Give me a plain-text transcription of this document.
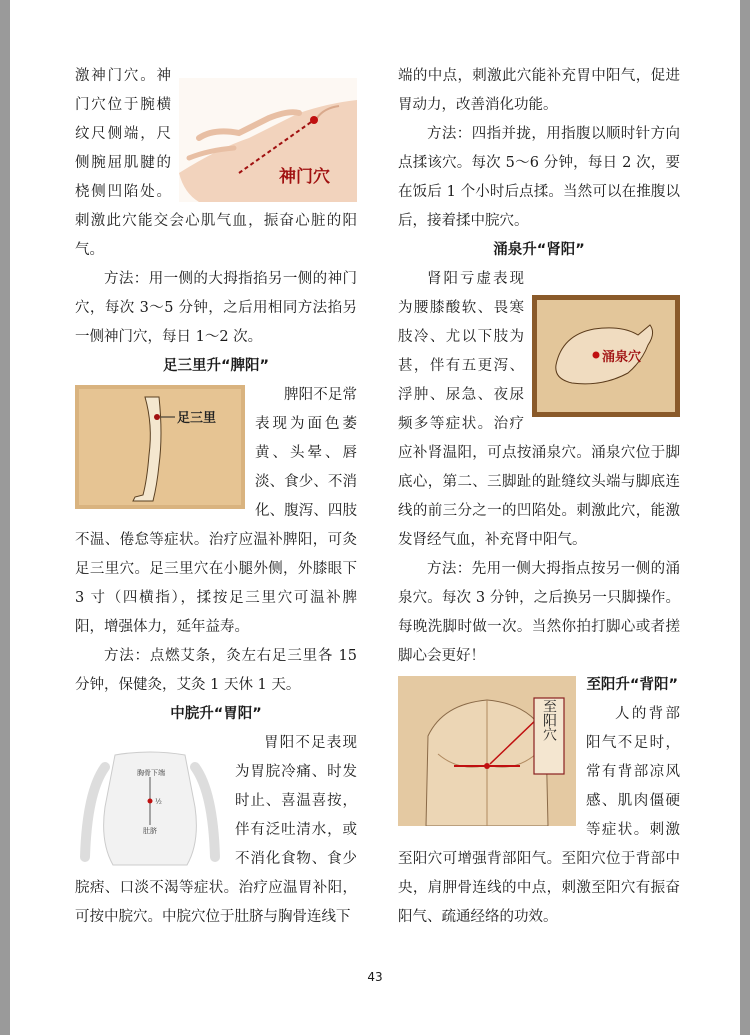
神门穴

激神门穴。神门穴位于腕横纹尺侧端，尺侧腕屈肌腱的桡侧凹陷处。刺激此穴能交会心肌气血，振奋心脏的阳气。

方法：用一侧的大拇指掐另一侧的神门穴，每次 3～5 分钟，之后用相同方法掐另一侧神门穴，每日 1～2 次。

足三里升“脾阳”

足三里

脾阳不足常表现为面色萎黄、头晕、唇淡、食少、不消化、腹泻、四肢不温、倦怠等症状。治疗应温补脾阳，可灸足三里穴。足三里穴在小腿外侧，外膝眼下 3 寸（四横指），揉按足三里穴可温补脾阳，增强体力，延年益寿。

方法：点燃艾条，灸左右足三里各 15 分钟，保健灸，艾灸 1 天休 1 天。

中脘升“胃阳”

胸骨下端
½
肚脐

胃阳不足表现为胃脘冷痛、时发时止、喜温喜按，伴有泛吐清水，或不消化食物、食少脘痞、口淡不渴等症状。治疗应温胃补阳，可按中脘穴。中脘穴位于肚脐与胸骨连线下

端的中点，刺激此穴能补充胃中阳气，促进胃动力，改善消化功能。

方法：四指并拢，用指腹以顺时针方向点揉该穴。每次 5～6 分钟，每日 2 次，要在饭后 1 个小时后点揉。当然可以在推腹以后，接着揉中脘穴。

涌泉升“肾阳”

涌泉穴

肾阳亏虚表现为腰膝酸软、畏寒肢冷、尤以下肢为甚，伴有五更泻、浮肿、尿急、夜尿频多等症状。治疗应补肾温阳，可点按涌泉穴。涌泉穴位于脚底心，第二、三脚趾的趾缝纹头端与脚底连线的前三分之一的凹陷处。刺激此穴，能激发肾经气血，补充肾中阳气。

方法：先用一侧大拇指点按另一侧的涌泉穴。每次 3 分钟，之后换另一只脚操作。每晚洗脚时做一次。当然你拍打脚心或者搓脚心会更好！

至阳升“背阳”

至阳穴	人的背部阳气不足时，常有背部凉风感、肌肉僵硬等症状。刺激至阳穴可增强背部阳气。至阳穴位于背部中央，肩胛骨连线的中点，刺激至阳穴有振奋阳气、疏通经络的功效。

43
